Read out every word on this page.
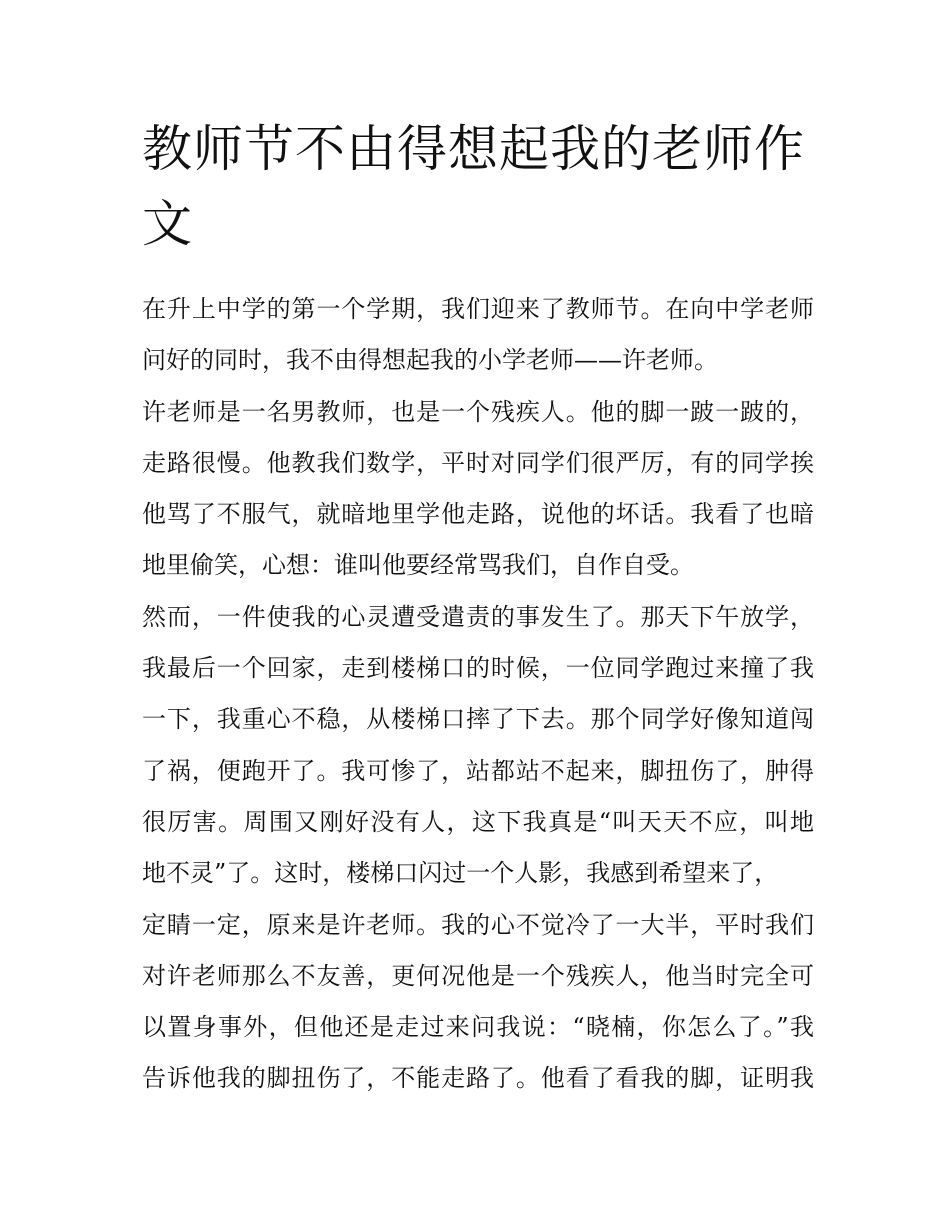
教师节不由得想起我的老师作
文
在升上中学的第一个学期，我们迎来了教师节。在向中学老师
问好的同时，我不由得想起我的小学老师——许老师。
许老师是一名男教师，也是一个残疾人。他的脚一跛一跛的，
走路很慢。他教我们数学，平时对同学们很严厉，有的同学挨
他骂了不服气，就暗地里学他走路，说他的坏话。我看了也暗
地里偷笑，心想：谁叫他要经常骂我们，自作自受。
然而，一件使我的心灵遭受遣责的事发生了。那天下午放学，
我最后一个回家，走到楼梯口的时候，一位同学跑过来撞了我
一下，我重心不稳，从楼梯口摔了下去。那个同学好像知道闯
了祸，便跑开了。我可惨了，站都站不起来，脚扭伤了，肿得
很厉害。周围又刚好没有人，这下我真是“叫天天不应，叫地
地不灵”了。这时，楼梯口闪过一个人影，我感到希望来了，
定睛一定，原来是许老师。我的心不觉冷了一大半，平时我们
对许老师那么不友善，更何况他是一个残疾人，他当时完全可
以置身事外，但他还是走过来问我说：“晓楠，你怎么了。”我
告诉他我的脚扭伤了，不能走路了。他看了看我的脚，证明我
